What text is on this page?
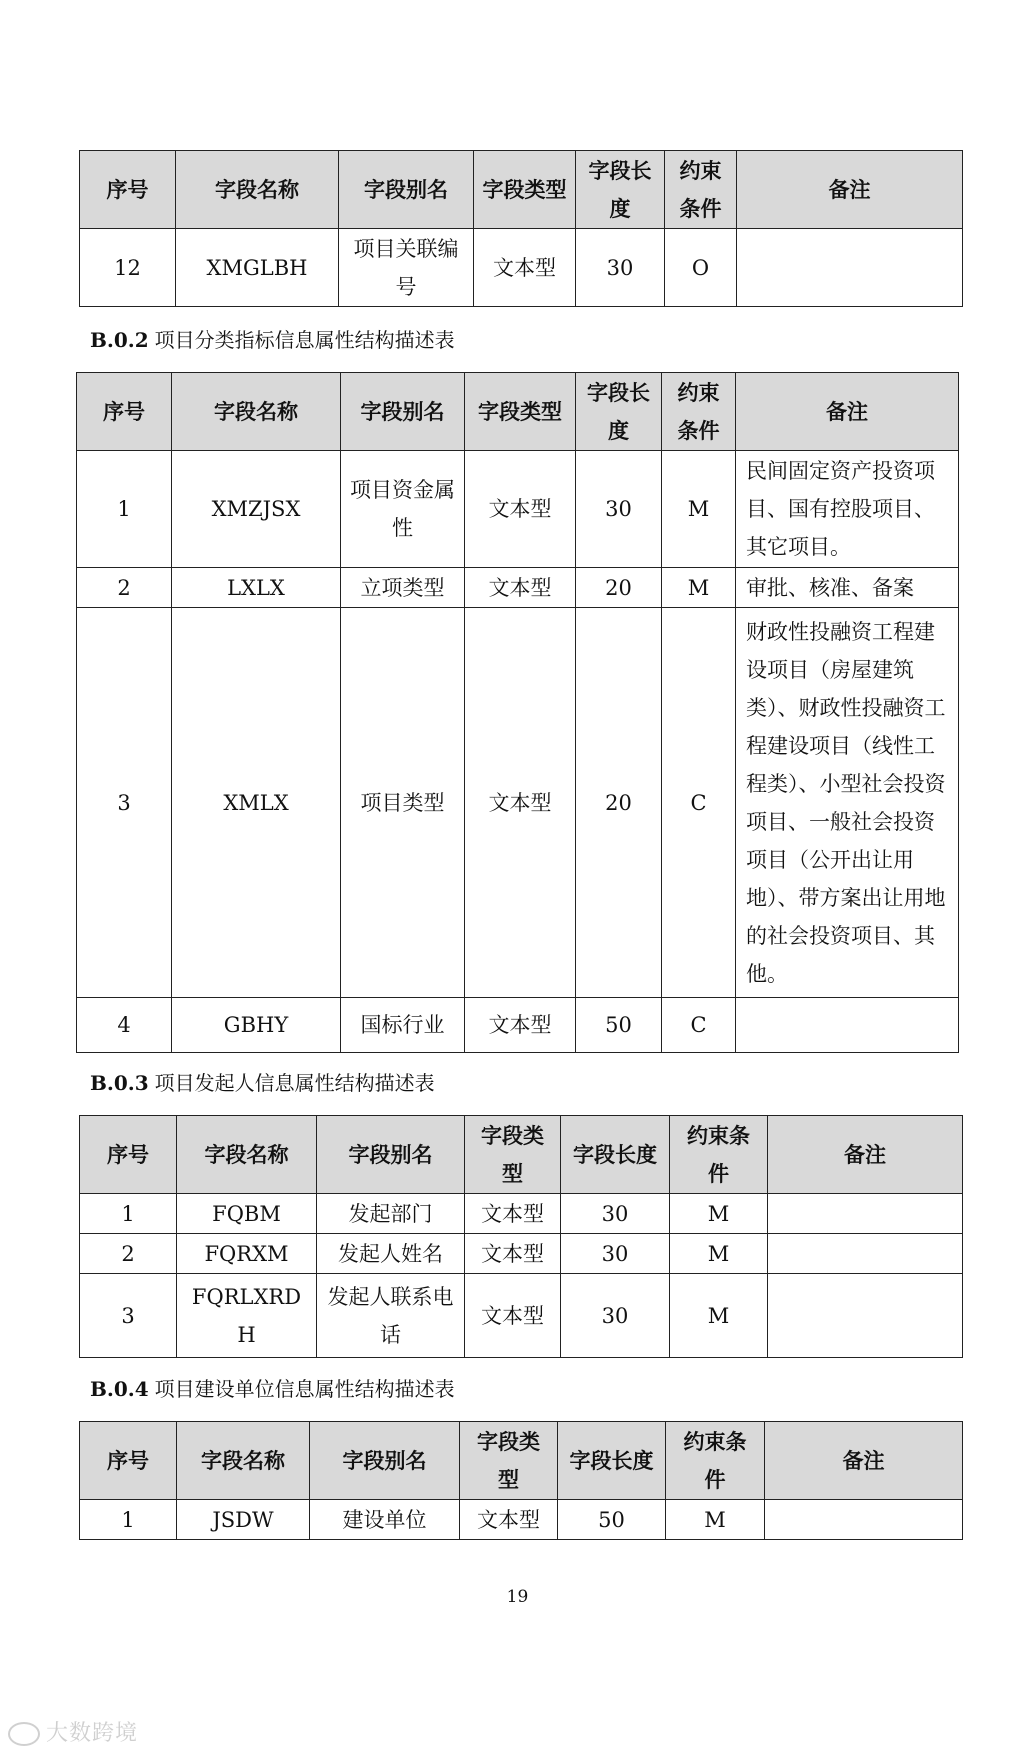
序号	字段名称	字段别名	字段类型	字段长度	约束条件	备注
12	XMGLBH	项目关联编号	文本型	30	O	
B.0.2 项目分类指标信息属性结构描述表
序号	字段名称	字段别名	字段类型	字段长度	约束条件	备注
1	XMZJSX	项目资金属性	文本型	30	M	民间固定资产投资项目、国有控股项目、其它项目。
2	LXLX	立项类型	文本型	20	M	审批、核准、备案
3	XMLX	项目类型	文本型	20	C	财政性投融资工程建设项目（房屋建筑类）、财政性投融资工程建设项目（线性工程类）、小型社会投资项目、一般社会投资项目（公开出让用地）、带方案出让用地的社会投资项目、其他。
4	GBHY	国标行业	文本型	50	C	
B.0.3 项目发起人信息属性结构描述表
序号	字段名称	字段别名	字段类型	字段长度	约束条件	备注
1	FQBM	发起部门	文本型	30	M	
2	FQRXM	发起人姓名	文本型	30	M	
3	FQRLXRDH	发起人联系电话	文本型	30	M	
B.0.4 项目建设单位信息属性结构描述表
序号	字段名称	字段别名	字段类型	字段长度	约束条件	备注
1	JSDW	建设单位	文本型	50	M	
19
大数跨境
